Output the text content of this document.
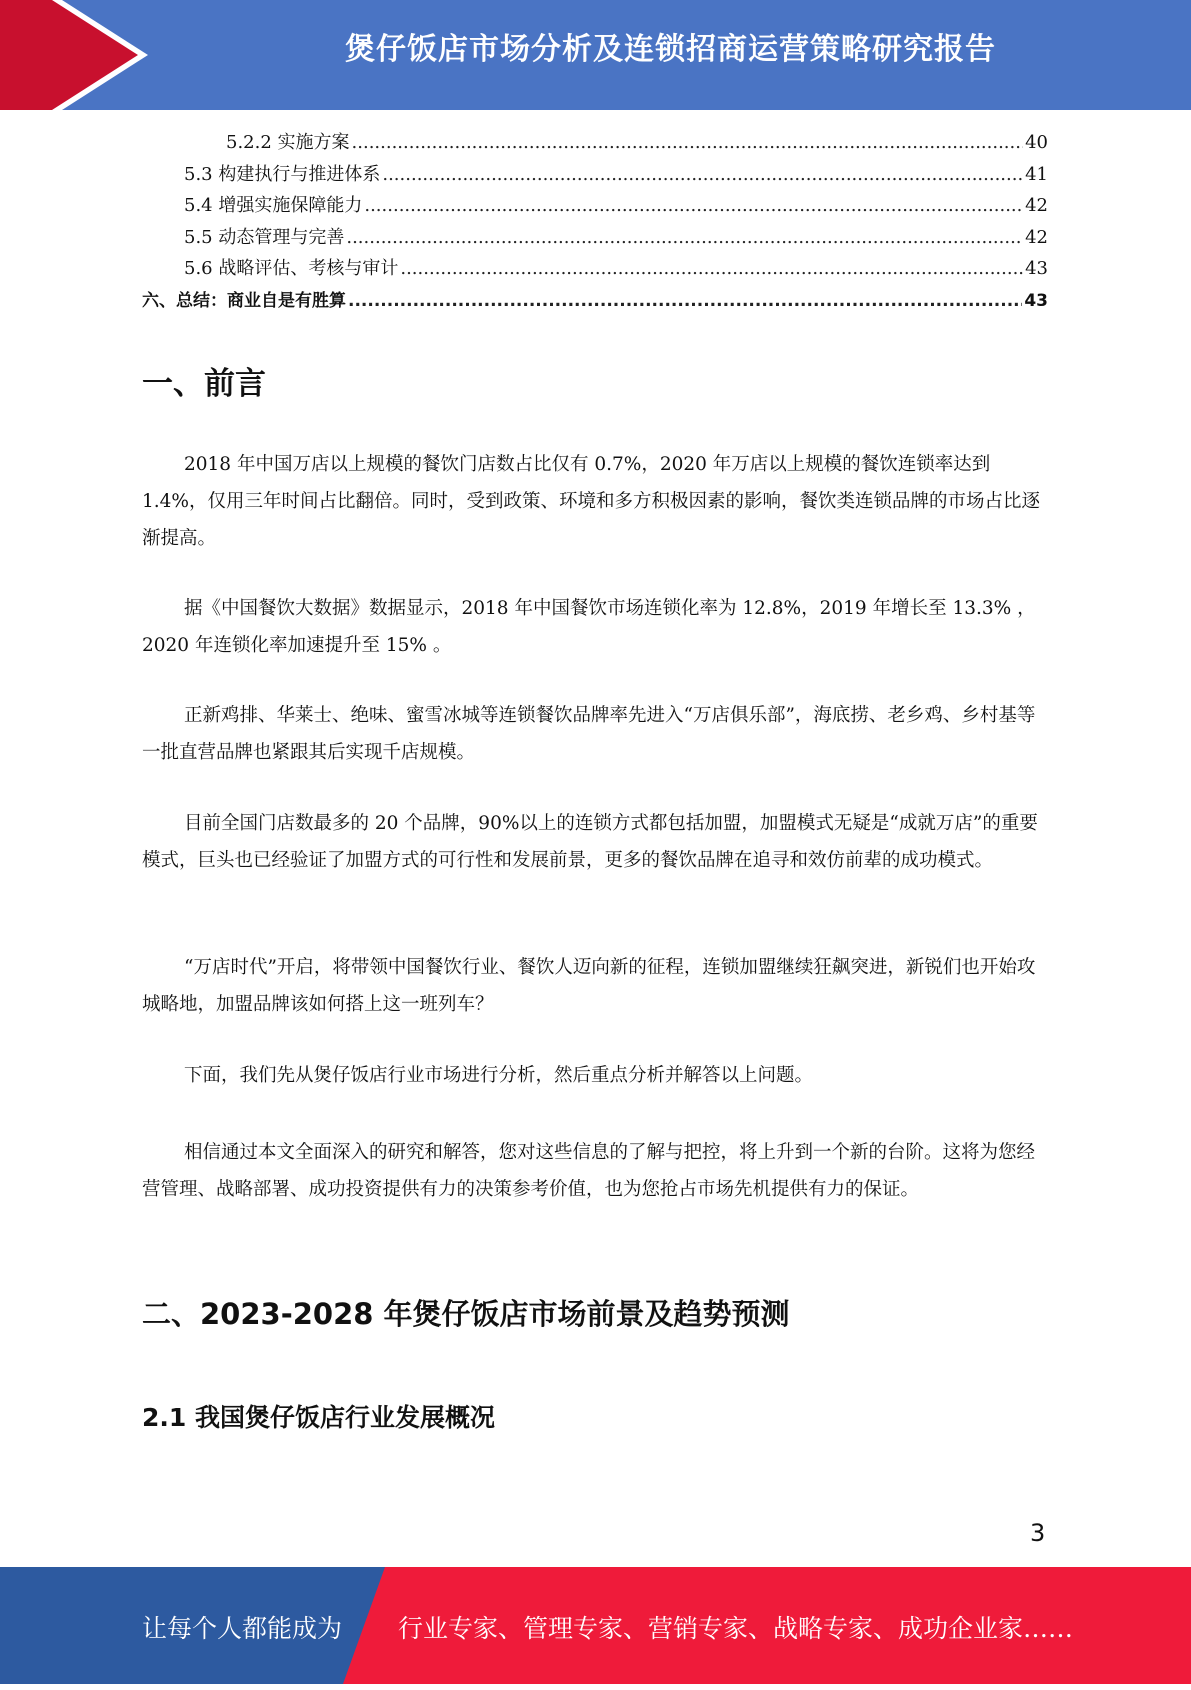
煲仔饭店市场分析及连锁招商运营策略研究报告
5.2.2 实施方案 .....	40
5.3 构建执行与推进体系 .....	41
5.4 增强实施保障能力 .....	42
5.5 动态管理与完善 .....	42
5.6 战略评估、考核与审计 .....	43
六、总结：商业自是有胜算 .....	43
一、前言

2018 年中国万店以上规模的餐饮门店数占比仅有 0.7%，2020 年万店以上规模的餐饮连锁率达到 1.4%，仅用三年时间占比翻倍。同时，受到政策、环境和多方积极因素的影响，餐饮类连锁品牌的市场占比逐渐提高。

据《中国餐饮大数据》数据显示，2018 年中国餐饮市场连锁化率为 12.8%，2019 年增长至 13.3% ，2020 年连锁化率加速提升至 15% 。

正新鸡排、华莱士、绝味、蜜雪冰城等连锁餐饮品牌率先进入“万店俱乐部”，海底捞、老乡鸡、乡村基等一批直营品牌也紧跟其后实现千店规模。

目前全国门店数最多的 20 个品牌，90%以上的连锁方式都包括加盟，加盟模式无疑是“成就万店”的重要模式，巨头也已经验证了加盟方式的可行性和发展前景，更多的餐饮品牌在追寻和效仿前辈的成功模式。

“万店时代”开启，将带领中国餐饮行业、餐饮人迈向新的征程，连锁加盟继续狂飙突进，新锐们也开始攻城略地，加盟品牌该如何搭上这一班列车？

下面，我们先从煲仔饭店行业市场进行分析，然后重点分析并解答以上问题。

相信通过本文全面深入的研究和解答，您对这些信息的了解与把控，将上升到一个新的台阶。这将为您经营管理、战略部署、成功投资提供有力的决策参考价值，也为您抢占市场先机提供有力的保证。

二、2023-2028 年煲仔饭店市场前景及趋势预测
2.1 我国煲仔饭店行业发展概况
3
让每个人都能成为 行业专家、管理专家、营销专家、战略专家、成功企业家……
